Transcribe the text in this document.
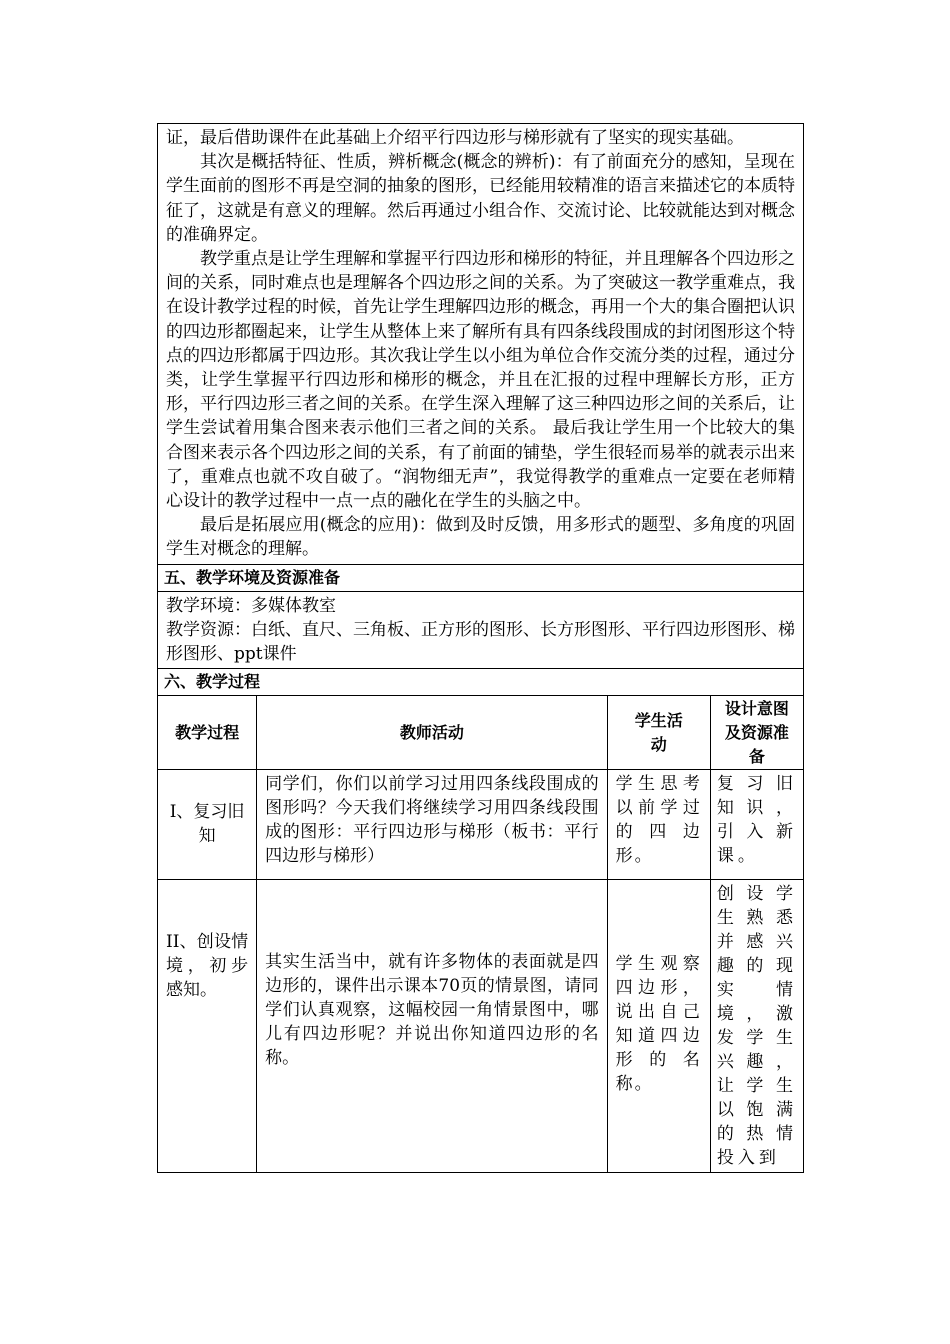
证，最后借助课件在此基础上介绍平行四边形与梯形就有了坚实的现实基础。

其次是概括特征、性质，辨析概念(概念的辨析)：有了前面充分的感知，呈现在学生面前的图形不再是空洞的抽象的图形，已经能用较精准的语言来描述它的本质特征了，这就是有意义的理解。然后再通过小组合作、交流讨论、比较就能达到对概念的准确界定。

教学重点是让学生理解和掌握平行四边形和梯形的特征，并且理解各个四边形之间的关系，同时难点也是理解各个四边形之间的关系。为了突破这一教学重难点，我在设计教学过程的时候，首先让学生理解四边形的概念，再用一个大的集合圈把认识的四边形都圈起来，让学生从整体上来了解所有具有四条线段围成的封闭图形这个特点的四边形都属于四边形。其次我让学生以小组为单位合作交流分类的过程，通过分类，让学生掌握平行四边形和梯形的概念，并且在汇报的过程中理解长方形，正方形，平行四边形三者之间的关系。在学生深入理解了这三种四边形之间的关系后，让学生尝试着用集合图来表示他们三者之间的关系。 最后我让学生用一个比较大的集合图来表示各个四边形之间的关系，有了前面的铺垫，学生很轻而易举的就表示出来了，重难点也就不攻自破了。“润物细无声”，我觉得教学的重难点一定要在老师精心设计的教学过程中一点一点的融化在学生的头脑之中。

最后是拓展应用(概念的应用)：做到及时反馈，用多形式的题型、多角度的巩固学生对概念的理解。

五、教学环境及资源准备

教学环境：多媒体教室

教学资源：白纸、直尺、三角板、正方形的图形、长方形图形、平行四边形图形、梯形图形、ppt课件

六、教学过程
教学过程	教师活动	学生活动	设计意图及资源准备
I、复习旧知	同学们，你们以前学习过用四条线段围成的图形吗？今天我们将继续学习用四条线段围成的图形：平行四边形与梯形（板书：平行四边形与梯形）	学生思考以前学过的四边形。	复习旧知识，引入新课。
II、创设情境，初步感知。	其实生活当中，就有许多物体的表面就是四边形的，课件出示课本70页的情景图，请同学们认真观察，这幅校园一角情景图中，哪儿有四边形呢？并说出你知道四边形的名称。	学生观察四边形，说出自己知道四边形的名称。	创设学生熟悉并感兴趣的现实情境，激发学生兴趣，让学生以饱满的热情投入到
